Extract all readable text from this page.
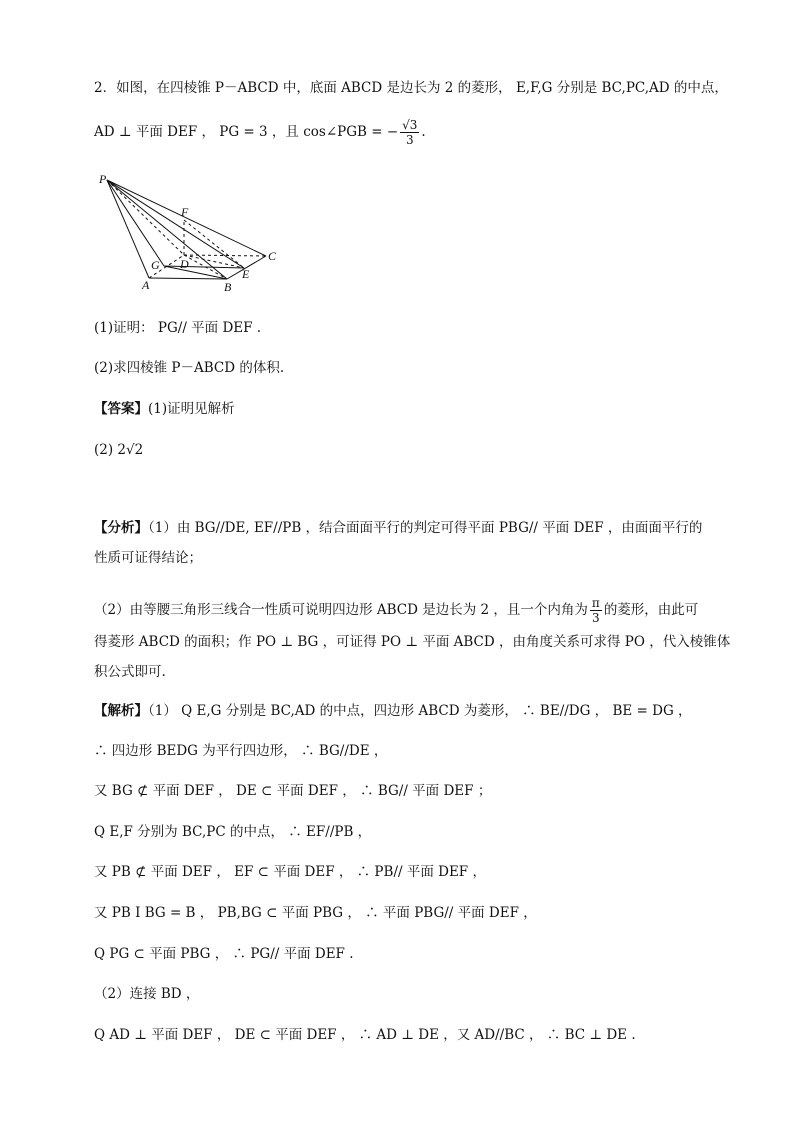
2．如图，在四棱锥 P－ABCD 中，底面 ABCD 是边长为 2 的菱形， E,F,G 分别是 BC,PC,AD 的中点，
AD ⊥ 平面 DEF ， PG = 3 ，且 cos∠PGB = − $\frac{√3}{3}$ .
P
F
C
G D
E
A	B
(1)证明： PG// 平面 DEF .
(2)求四棱锥 P－ABCD 的体积.
【答案】(1)证明见解析
(2) 2√2
【分析】（1）由 BG//DE, EF//PB ，结合面面平行的判定可得平面 PBG// 平面 DEF ，由面面平行的
性质可证得结论；
（2）由等腰三角形三线合一性质可说明四边形 ABCD 是边长为 2 ，且一个内角为 $\frac{\pi}{3}$ 的菱形，由此可
得菱形 ABCD 的面积；作 PO ⊥ BG ，可证得 PO ⊥ 平面 ABCD ，由角度关系可求得 PO ，代入棱锥体
积公式即可.
【解析】（1） Q E,G 分别是 BC,AD 的中点，四边形 ABCD 为菱形， ∴ BE//DG ， BE = DG ，
∴ 四边形 BEDG 为平行四边形， ∴ BG//DE ，
又 BG ⊄ 平面 DEF ， DE ⊂ 平面 DEF ， ∴ BG// 平面 DEF ；
Q E,F 分别为 BC,PC 的中点， ∴ EF//PB ，
又 PB ⊄ 平面 DEF ， EF ⊂ 平面 DEF ， ∴ PB// 平面 DEF ，
又 PB I BG = B ， PB,BG ⊂ 平面 PBG ， ∴ 平面 PBG// 平面 DEF ，
Q PG ⊂ 平面 PBG ， ∴ PG// 平面 DEF .
（2）连接 BD ，
Q AD ⊥ 平面 DEF ， DE ⊂ 平面 DEF ， ∴ AD ⊥ DE ，又 AD//BC ， ∴ BC ⊥ DE .
